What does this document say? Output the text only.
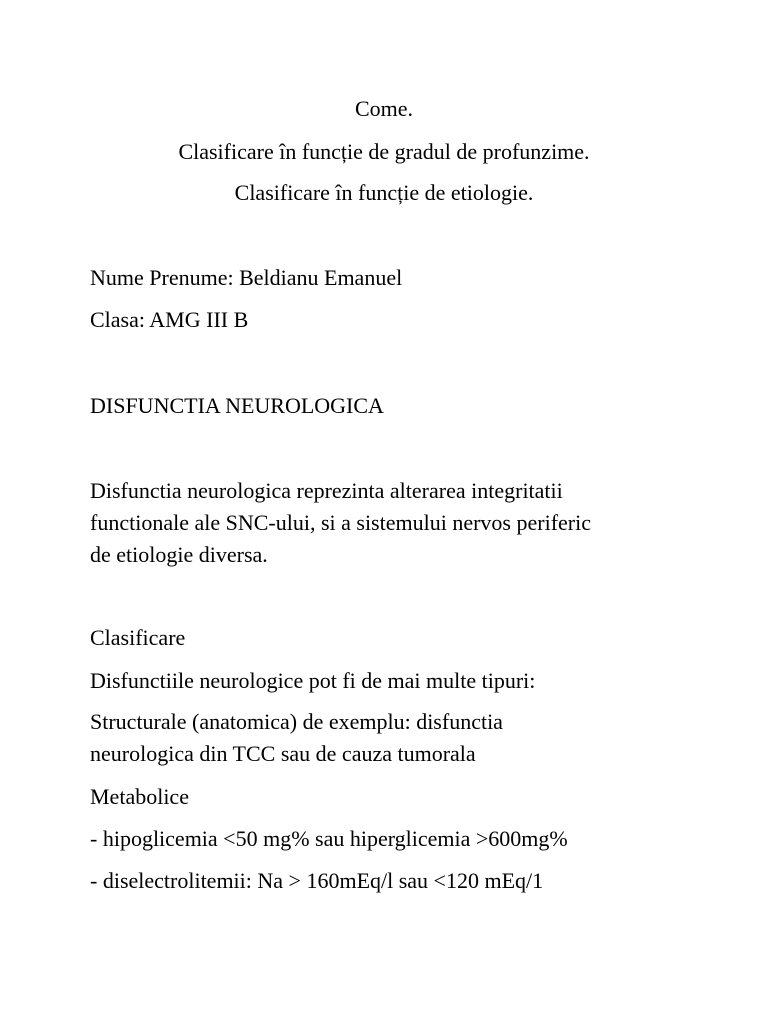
Come.
Clasificare în funcție de gradul de profunzime.
Clasificare în funcție de etiologie.
Nume Prenume: Beldianu Emanuel
Clasa: AMG III B
DISFUNCTIA NEUROLOGICA
Disfunctia neurologica reprezinta alterarea integritatii
functionale ale SNC-ului, si a sistemului nervos periferic
de etiologie diversa.
Clasificare
Disfunctiile neurologice pot fi de mai multe tipuri:
Structurale (anatomica) de exemplu: disfunctia
neurologica din TCC sau de cauza tumorala
Metabolice
- hipoglicemia <50 mg% sau hiperglicemia >600mg%
- diselectrolitemii: Na > 160mEq/l sau <120 mEq/1
